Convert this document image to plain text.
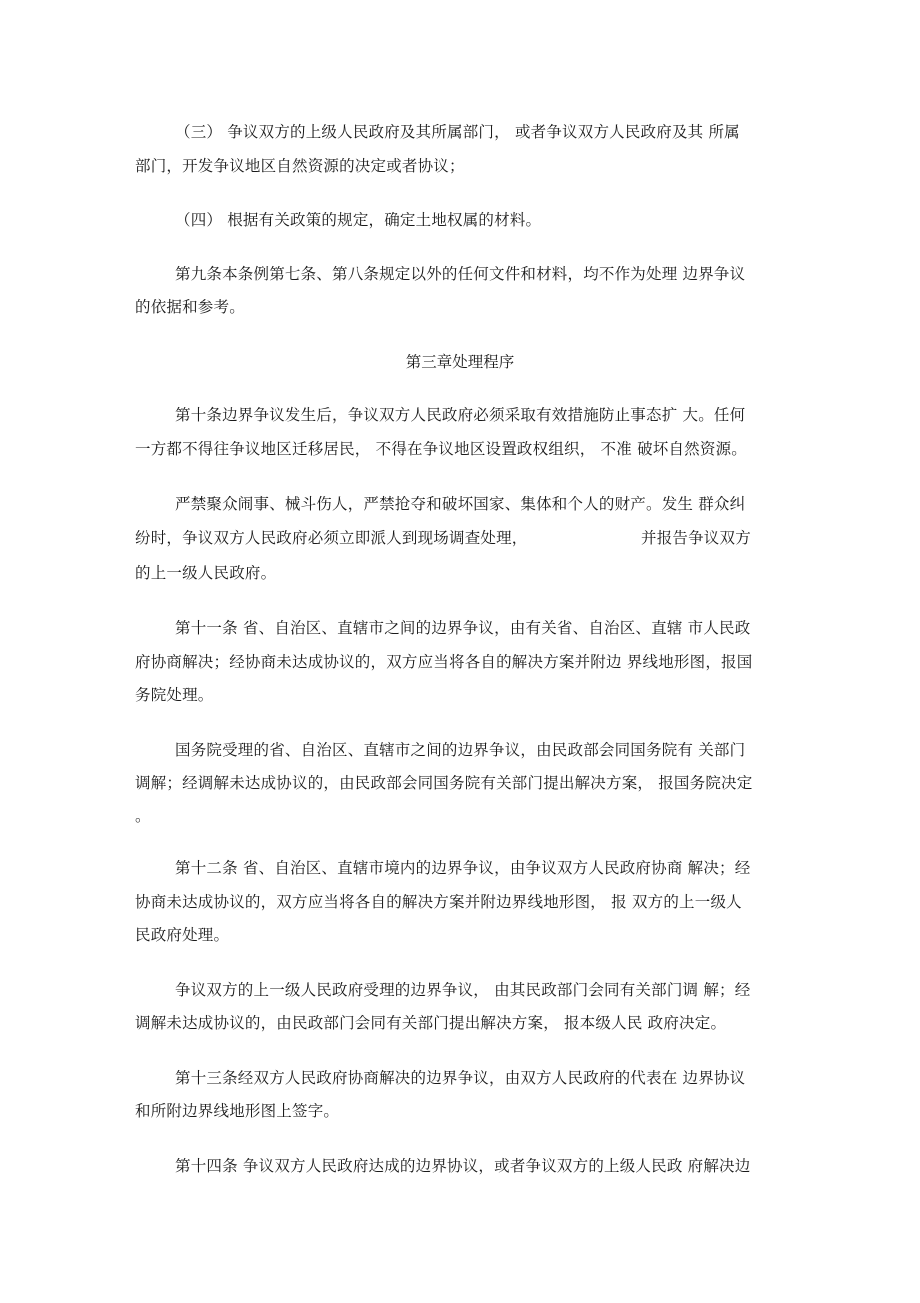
（三） 争议双方的上级人民政府及其所属部门， 或者争议双方人民政府及其 所属
部门，开发争议地区自然资源的决定或者协议；
（四） 根据有关政策的规定，确定土地权属的材料。
第九条本条例第七条、第八条规定以外的任何文件和材料，均不作为处理 边界争议
的依据和参考。
第三章处理程序
第十条边界争议发生后，争议双方人民政府必须采取有效措施防止事态扩 大。任何
一方都不得往争议地区迁移居民， 不得在争议地区设置政权组织， 不准 破坏自然资源。
严禁聚众闹事、械斗伤人，严禁抢夺和破坏国家、集体和个人的财产。发生 群众纠
纷时，争议双方人民政府必须立即派人到现场调查处理，	并报告争议双方
的上一级人民政府。
第十一条 省、自治区、直辖市之间的边界争议，由有关省、自治区、直辖 市人民政
府协商解决；经协商未达成协议的，双方应当将各自的解决方案并附边 界线地形图，报国
务院处理。
国务院受理的省、自治区、直辖市之间的边界争议，由民政部会同国务院有 关部门
调解；经调解未达成协议的，由民政部会同国务院有关部门提出解决方案， 报国务院决定
。
第十二条 省、自治区、直辖市境内的边界争议，由争议双方人民政府协商 解决；经
协商未达成协议的，双方应当将各自的解决方案并附边界线地形图， 报 双方的上一级人
民政府处理。
争议双方的上一级人民政府受理的边界争议， 由其民政部门会同有关部门调 解；经
调解未达成协议的，由民政部门会同有关部门提出解决方案， 报本级人民 政府决定。
第十三条经双方人民政府协商解决的边界争议，由双方人民政府的代表在 边界协议
和所附边界线地形图上签字。
第十四条 争议双方人民政府达成的边界协议，或者争议双方的上级人民政 府解决边
